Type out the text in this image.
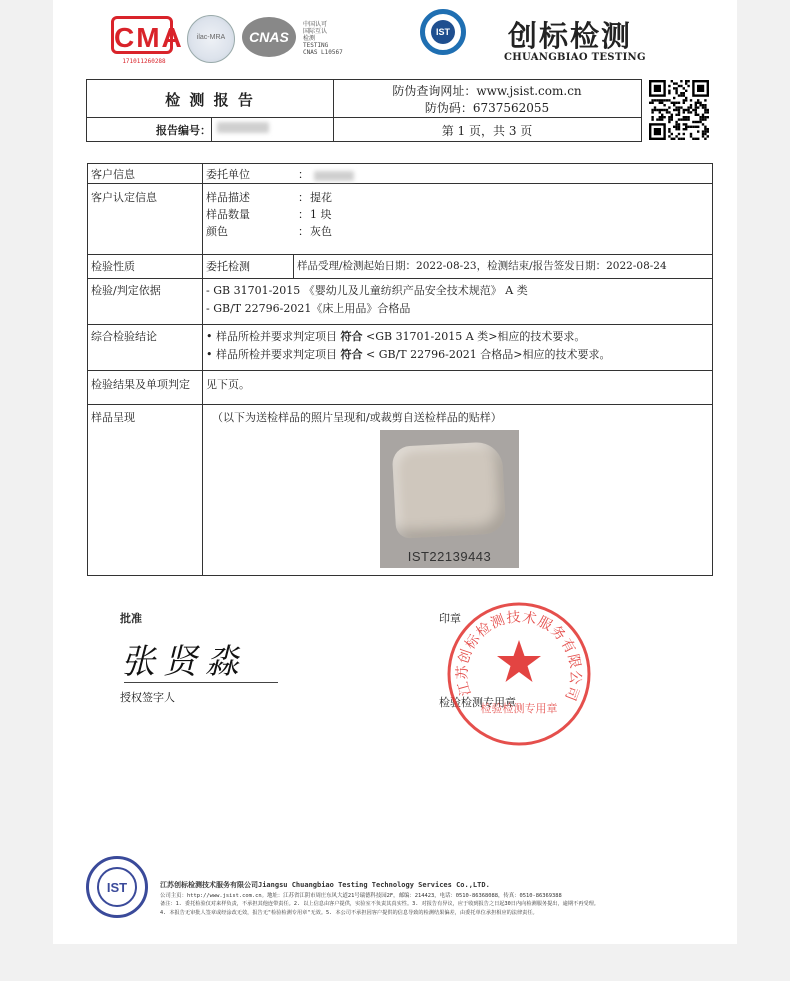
CMA
171011260288
ilac-MRA	CNAS
中国认可
国际互认
检测
TESTING
CNAS L10567
IST 创标检测
CHUANGBIAO TESTING
检 测 报 告	防伪查询网址：www.jsist.com.cn
防伪码：6737562055
报告编号：	第 1 页，共 3 页
客户信息	委托单位	：
客户认定信息	样品描述	： 提花
样品数量	： 1 块
颜色	： 灰色
检验性质	委托检测	样品受理/检测起始日期：2022-08-23，检测结束/报告签发日期：2022-08-24
检验/判定依据	- GB 31701-2015 《婴幼儿及儿童纺织产品安全技术规范》 A 类
- GB/T 22796-2021《床上用品》合格品
综合检验结论	• 样品所检并要求判定项目 符合 <GB 31701-2015 A 类>相应的技术要求。
• 样品所检并要求判定项目 符合 < GB/T 22796-2021 合格品>相应的技术要求。
检验结果及单项判定 见下页。
样品呈现	（以下为送检样品的照片呈现和/或裁剪自送检样品的贴样）
IST22139443
批准
张贤淼
授权签字人
印章
检验检测专用章
江苏创标检测技术服务有限公司
检验检测专用章
IST	江苏创标检测技术服务有限公司Jiangsu Chuangbiao Testing Technology Services Co.,LTD.
公司主页：http://www.jsist.com.cn。地址：江苏省江阴市周庄东风大道21号瑞德科技园2F，邮编：214423，电话：0510-86368088，传真：0510-86369388
备注：1. 委托检验仅对来样负责，不承担其他连带责任。2. 以上信息由客户提供，实验室不负责其真实性。3. 对报告有异议，应于收到报告之日起30日内向检测服务提出，逾期不再受理。
4. 本报告无审批人签章或经涂改无效，报告无"检验检测专用章"无效。5. 本公司不承担因客户提供的信息导致的检测结果偏差，由委托单位承担相应的法律责任。
